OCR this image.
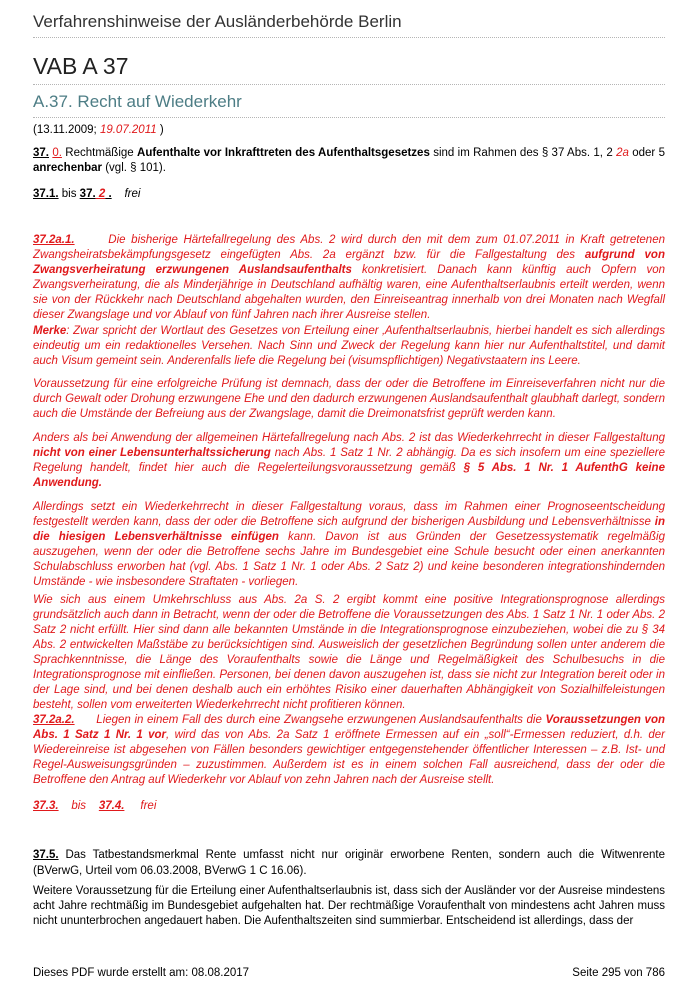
Verfahrenshinweise der Ausländerbehörde Berlin
VAB A 37
A.37. Recht auf Wiederkehr
(13.11.2009; 19.07.2011 )

37. 0. Rechtmäßige Aufenthalte vor Inkrafttreten des Aufenthaltsgesetzes sind im Rahmen des § 37 Abs. 1, 2 2a oder 5 anrechenbar (vgl. § 101).

37.1. bis 37. 2 . frei

37.2a.1.	Die bisherige Härtefallregelung des Abs. 2 wird durch den mit dem zum 01.07.2011 in Kraft getretenen Zwangsheiratsbekämpfungsgesetz eingefügten Abs. 2a ergänzt bzw. für die Fallgestaltung des aufgrund von Zwangsverheiratung erzwungenen Auslandsaufenthalts konkretisiert. Danach kann künftig auch Opfern von Zwangsverheiratung, die als Minderjährige in Deutschland aufhältig waren, eine Aufenthaltserlaubnis erteilt werden, wenn sie von der Rückkehr nach Deutschland abgehalten wurden, den Einreiseantrag innerhalb von drei Monaten nach Wegfall dieser Zwangslage und vor Ablauf von fünf Jahren nach ihrer Ausreise stellen.

Merke: Zwar spricht der Wortlaut des Gesetzes von Erteilung einer ‚Aufenthaltserlaubnis, hierbei handelt es sich allerdings eindeutig um ein redaktionelles Versehen. Nach Sinn und Zweck der Regelung kann hier nur Aufenthaltstitel, und damit auch Visum gemeint sein. Anderenfalls liefe die Regelung bei (visumspflichtigen) Negativstaatern ins Leere.

Voraussetzung für eine erfolgreiche Prüfung ist demnach, dass der oder die Betroffene im Einreiseverfahren nicht nur die durch Gewalt oder Drohung erzwungene Ehe und den dadurch erzwungenen Auslandsaufenthalt glaubhaft darlegt, sondern auch die Umstände der Befreiung aus der Zwangslage, damit die Dreimonatsfrist geprüft werden kann.

Anders als bei Anwendung der allgemeinen Härtefallregelung nach Abs. 2 ist das Wiederkehrrecht in dieser Fallgestaltung nicht von einer Lebensunterhaltssicherung nach Abs. 1 Satz 1 Nr. 2 abhängig. Da es sich insofern um eine speziellere Regelung handelt, findet hier auch die Regelerteilungsvoraussetzung gemäß § 5 Abs. 1 Nr. 1 AufenthG keine Anwendung.

Allerdings setzt ein Wiederkehrrecht in dieser Fallgestaltung voraus, dass im Rahmen einer Prognoseentscheidung festgestellt werden kann, dass der oder die Betroffene sich aufgrund der bisherigen Ausbildung und Lebensverhältnisse in die hiesigen Lebensverhältnisse einfügen kann. Davon ist aus Gründen der Gesetzessystematik regelmäßig auszugehen, wenn der oder die Betroffene sechs Jahre im Bundesgebiet eine Schule besucht oder einen anerkannten Schulabschluss erworben hat (vgl. Abs. 1 Satz 1 Nr. 1 oder Abs. 2 Satz 2) und keine besonderen integrationshindernden Umstände - wie insbesondere Straftaten - vorliegen.

Wie sich aus einem Umkehrschluss aus Abs. 2a S. 2 ergibt kommt eine positive Integrationsprognose allerdings grundsätzlich auch dann in Betracht, wenn der oder die Betroffene die Voraussetzungen des Abs. 1 Satz 1 Nr. 1 oder Abs. 2 Satz 2 nicht erfüllt. Hier sind dann alle bekannten Umstände in die Integrationsprognose einzubeziehen, wobei die zu § 34 Abs. 2 entwickelten Maßstäbe zu berücksichtigen sind. Ausweislich der gesetzlichen Begründung sollen unter anderem die Sprachkenntnisse, die Länge des Voraufenthalts sowie die Länge und Regelmäßigkeit des Schulbesuchs in die Integrationsprognose mit einfließen. Personen, bei denen davon auszugehen ist, dass sie nicht zur Integration bereit oder in der Lage sind, und bei denen deshalb auch ein erhöhtes Risiko einer dauerhaften Abhängigkeit von Sozialhilfeleistungen besteht, sollen vom erweiterten Wiederkehrrecht nicht profitieren können.

37.2a.2. Liegen in einem Fall des durch eine Zwangsehe erzwungenen Auslandsaufenthalts die Voraussetzungen von Abs. 1 Satz 1 Nr. 1 vor, wird das von Abs. 2a Satz 1 eröffnete Ermessen auf ein „soll“-Ermessen reduziert, d.h. der Wiedereinreise ist abgesehen von Fällen besonders gewichtiger entgegenstehender öffentlicher Interessen – z.B. Ist- und Regel-Ausweisungsgründen – zuzustimmen. Außerdem ist es in einem solchen Fall ausreichend, dass der oder die Betroffene den Antrag auf Wiederkehr vor Ablauf von zehn Jahren nach der Ausreise stellt.

37.3. bis 37.4. frei

37.5. Das Tatbestandsmerkmal Rente umfasst nicht nur originär erworbene Renten, sondern auch die Witwenrente (BVerwG, Urteil vom 06.03.2008, BVerwG 1 C 16.06).

Weitere Voraussetzung für die Erteilung einer Aufenthaltserlaubnis ist, dass sich der Ausländer vor der Ausreise mindestens acht Jahre rechtmäßig im Bundesgebiet aufgehalten hat. Der rechtmäßige Voraufenthalt von mindestens acht Jahren muss nicht ununterbrochen angedauert haben. Die Aufenthaltszeiten sind summierbar. Entscheidend ist allerdings, dass der

Dieses PDF wurde erstellt am: 08.08.2017	Seite 295 von 786
